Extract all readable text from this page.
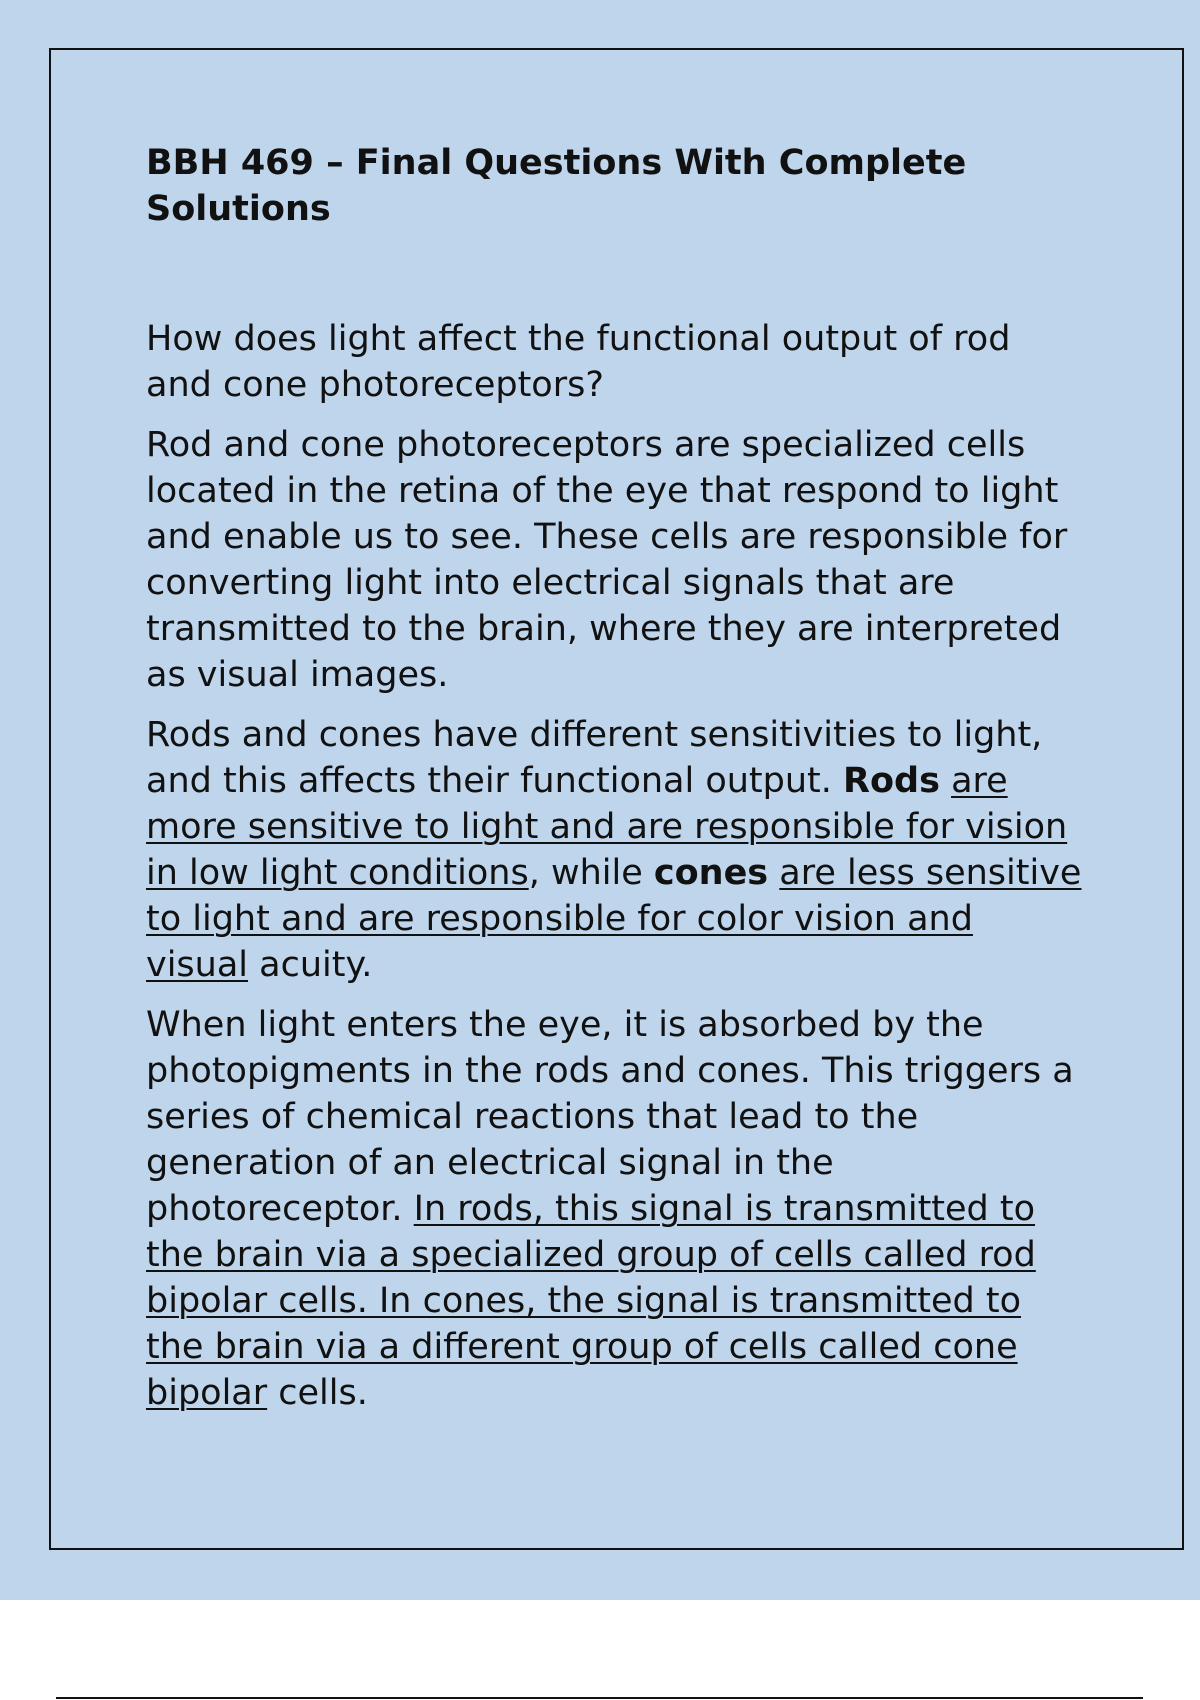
BBH 469 – Final Questions With Complete Solutions

How does light affect the functional output of rod and cone photoreceptors?

Rod and cone photoreceptors are specialized cells located in the retina of the eye that respond to light and enable us to see. These cells are responsible for converting light into electrical signals that are transmitted to the brain, where they are interpreted as visual images.

Rods and cones have different sensitivities to light, and this affects their functional output. Rods are more sensitive to light and are responsible for vision in low light conditions, while cones are less sensitive to light and are responsible for color vision and visual acuity.

When light enters the eye, it is absorbed by the photopigments in the rods and cones. This triggers a series of chemical reactions that lead to the generation of an electrical signal in the photoreceptor. In rods, this signal is transmitted to the brain via a specialized group of cells called rod bipolar cells. In cones, the signal is transmitted to the brain via a different group of cells called cone bipolar cells.
